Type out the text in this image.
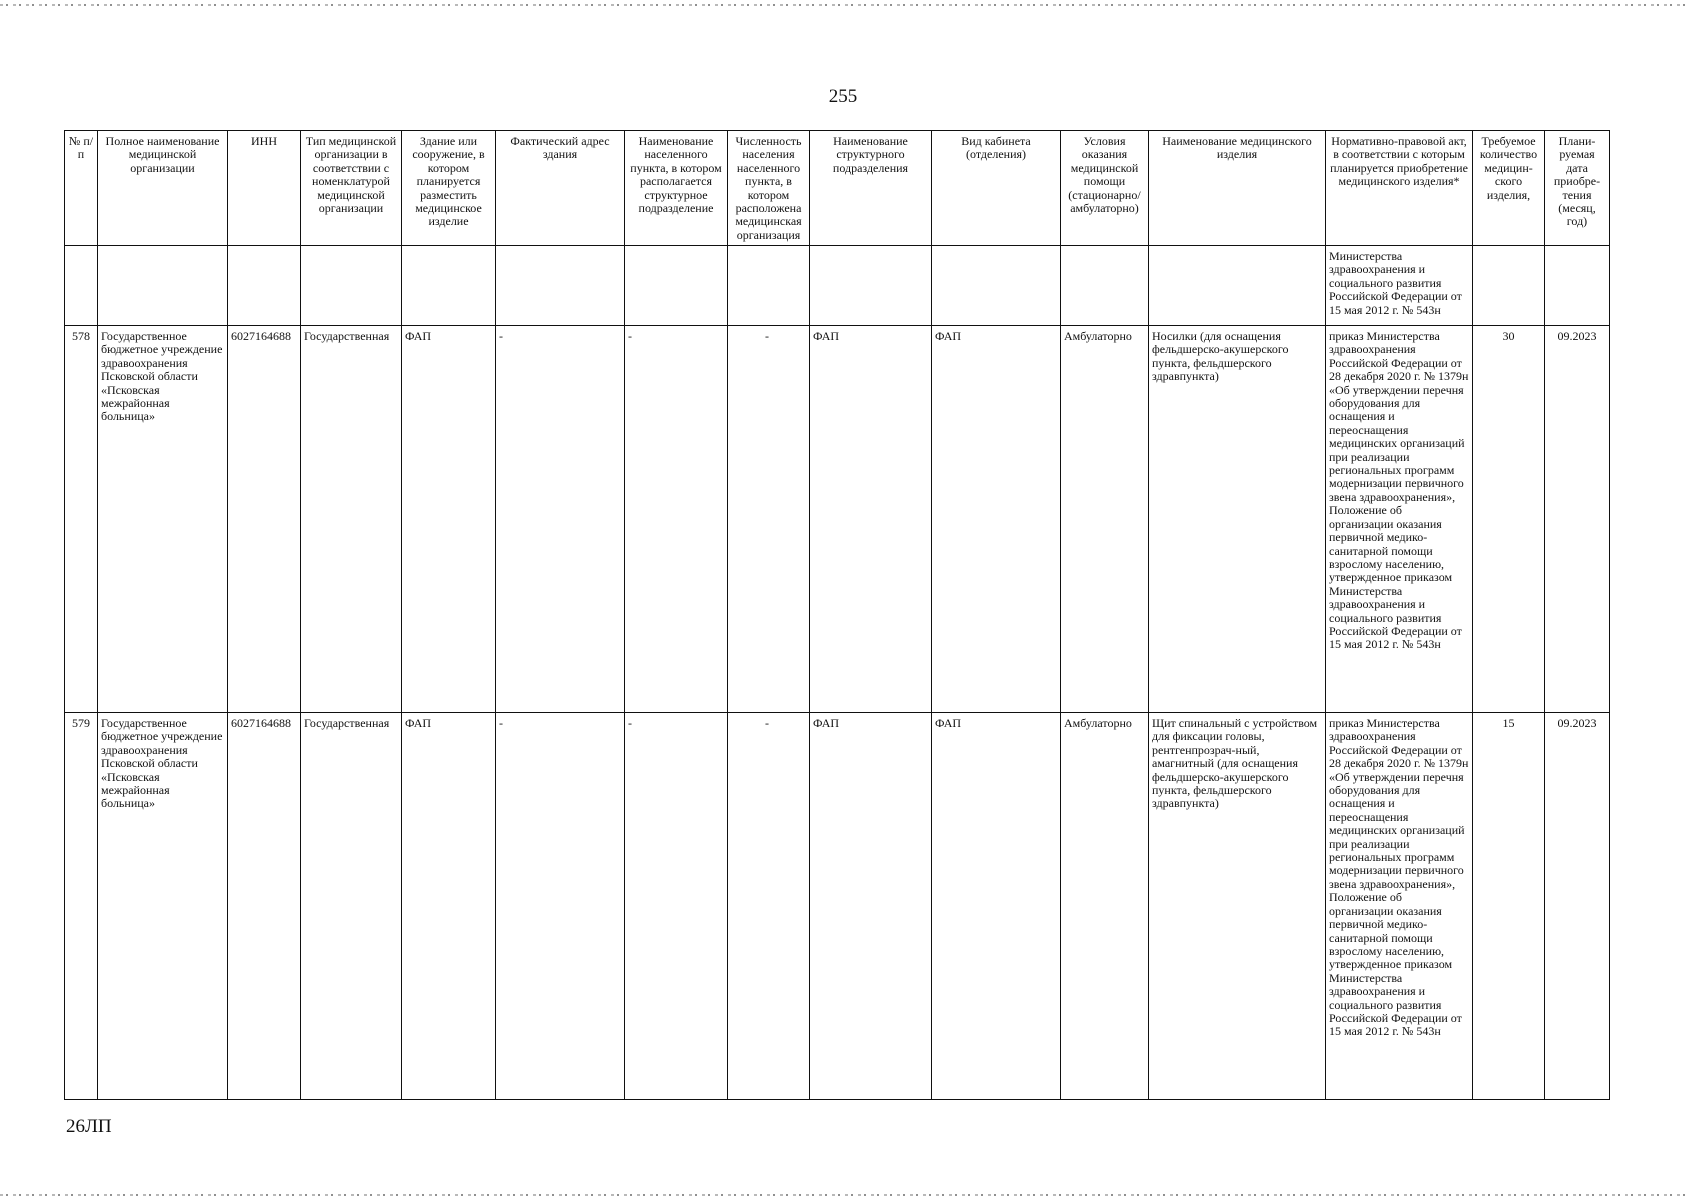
255
№ п/п	Полное наименование медицинской организации	ИНН	Тип медицинской организации в соответствии с номенклатурой медицинской организации	Здание или сооружение, в котором планируется разместить медицинское изделие	Фактический адрес здания	Наименование населенного пункта, в котором располагается структурное подразделение	Численность населения населенного пункта, в котором расположена медицинская организация	Наименование структурного подразделения	Вид кабинета (отделения)	Условия оказания медицинской помощи (стационарно/ амбулаторно)	Наименование медицинского изделия	Нормативно-правовой акт, в соответствии с которым планируется приобретение медицинского изделия*	Требуемое количество медицин-ского изделия,	Плани-руемая дата приобре-тения (месяц, год)
												Министерства здравоохранения и социального развития Российской Федерации от 15 мая 2012 г. № 543н		
578	Государственное бюджетное учреждение здравоохранения Псковской области «Псковская межрайонная больница»	6027164688	Государственная	ФАП	-	-	-	ФАП	ФАП	Амбулаторно	Носилки (для оснащения фельдшерско-акушерского пункта, фельдшерского здравпункта)	приказ Министерства здравоохранения Российской Федерации от 28 декабря 2020 г. № 1379н «Об утверждении перечня оборудования для оснащения и переоснащения медицинских организаций при реализации региональных программ модернизации первичного звена здравоохранения», Положение об организации оказания первичной медико-санитарной помощи взрослому населению, утвержденное приказом Министерства здравоохранения и социального развития Российской Федерации от 15 мая 2012 г. № 543н	30	09.2023
579	Государственное бюджетное учреждение здравоохранения Псковской области «Псковская межрайонная больница»	6027164688	Государственная	ФАП	-	-	-	ФАП	ФАП	Амбулаторно	Щит спинальный с устройством для фиксации головы, рентгенпрозрач-ный, амагнитный (для оснащения фельдшерско-акушерского пункта, фельдшерского здравпункта)	приказ Министерства здравоохранения Российской Федерации от 28 декабря 2020 г. № 1379н «Об утверждении перечня оборудования для оснащения и переоснащения медицинских организаций при реализации региональных программ модернизации первичного звена здравоохранения», Положение об организации оказания первичной медико-санитарной помощи взрослому населению, утвержденное приказом Министерства здравоохранения и социального развития Российской Федерации от 15 мая 2012 г. № 543н	15	09.2023
26ЛП
